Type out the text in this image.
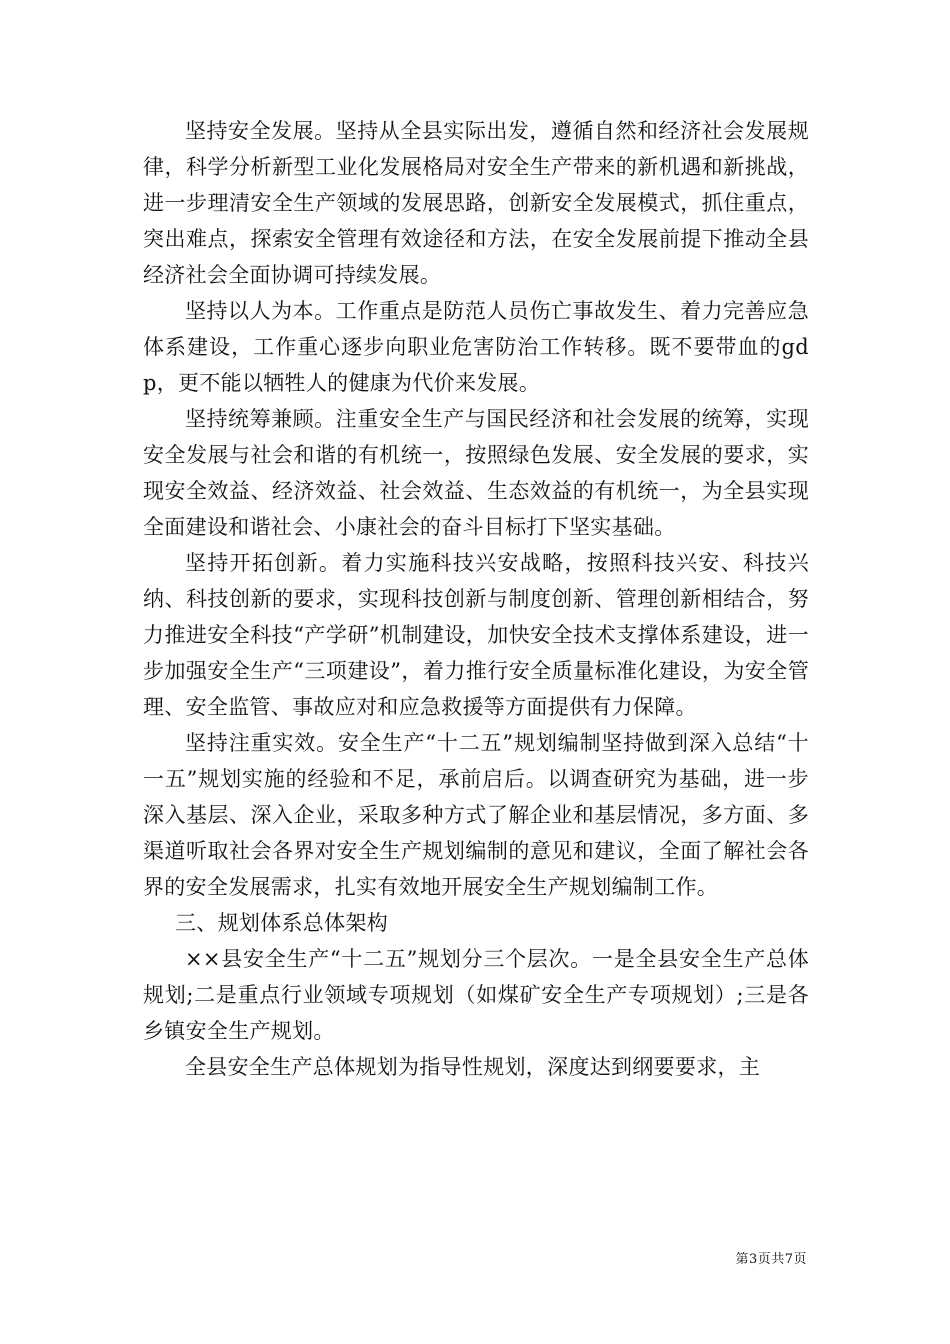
坚持安全发展。坚持从全县实际出发，遵循自然和经济社会发展规律，科学分析新型工业化发展格局对安全生产带来的新机遇和新挑战，进一步理清安全生产领域的发展思路，创新安全发展模式，抓住重点，突出难点，探索安全管理有效途径和方法，在安全发展前提下推动全县经济社会全面协调可持续发展。

坚持以人为本。工作重点是防范人员伤亡事故发生、着力完善应急体系建设，工作重心逐步向职业危害防治工作转移。既不要带血的gdp，更不能以牺牲人的健康为代价来发展。

坚持统筹兼顾。注重安全生产与国民经济和社会发展的统筹，实现安全发展与社会和谐的有机统一，按照绿色发展、安全发展的要求，实现安全效益、经济效益、社会效益、生态效益的有机统一，为全县实现全面建设和谐社会、小康社会的奋斗目标打下坚实基础。

坚持开拓创新。着力实施科技兴安战略，按照科技兴安、科技兴纳、科技创新的要求，实现科技创新与制度创新、管理创新相结合，努力推进安全科技“产学研”机制建设，加快安全技术支撑体系建设，进一步加强安全生产“三项建设”，着力推行安全质量标准化建设，为安全管理、安全监管、事故应对和应急救援等方面提供有力保障。

坚持注重实效。安全生产“十二五”规划编制坚持做到深入总结“十一五”规划实施的经验和不足，承前启后。以调查研究为基础，进一步深入基层、深入企业，采取多种方式了解企业和基层情况，多方面、多渠道听取社会各界对安全生产规划编制的意见和建议，全面了解社会各界的安全发展需求，扎实有效地开展安全生产规划编制工作。

三、规划体系总体架构

××县安全生产“十二五”规划分三个层次。一是全县安全生产总体规划;二是重点行业领域专项规划（如煤矿安全生产专项规划）;三是各乡镇安全生产规划。

全县安全生产总体规划为指导性规划，深度达到纲要要求，主

第3页共7页
